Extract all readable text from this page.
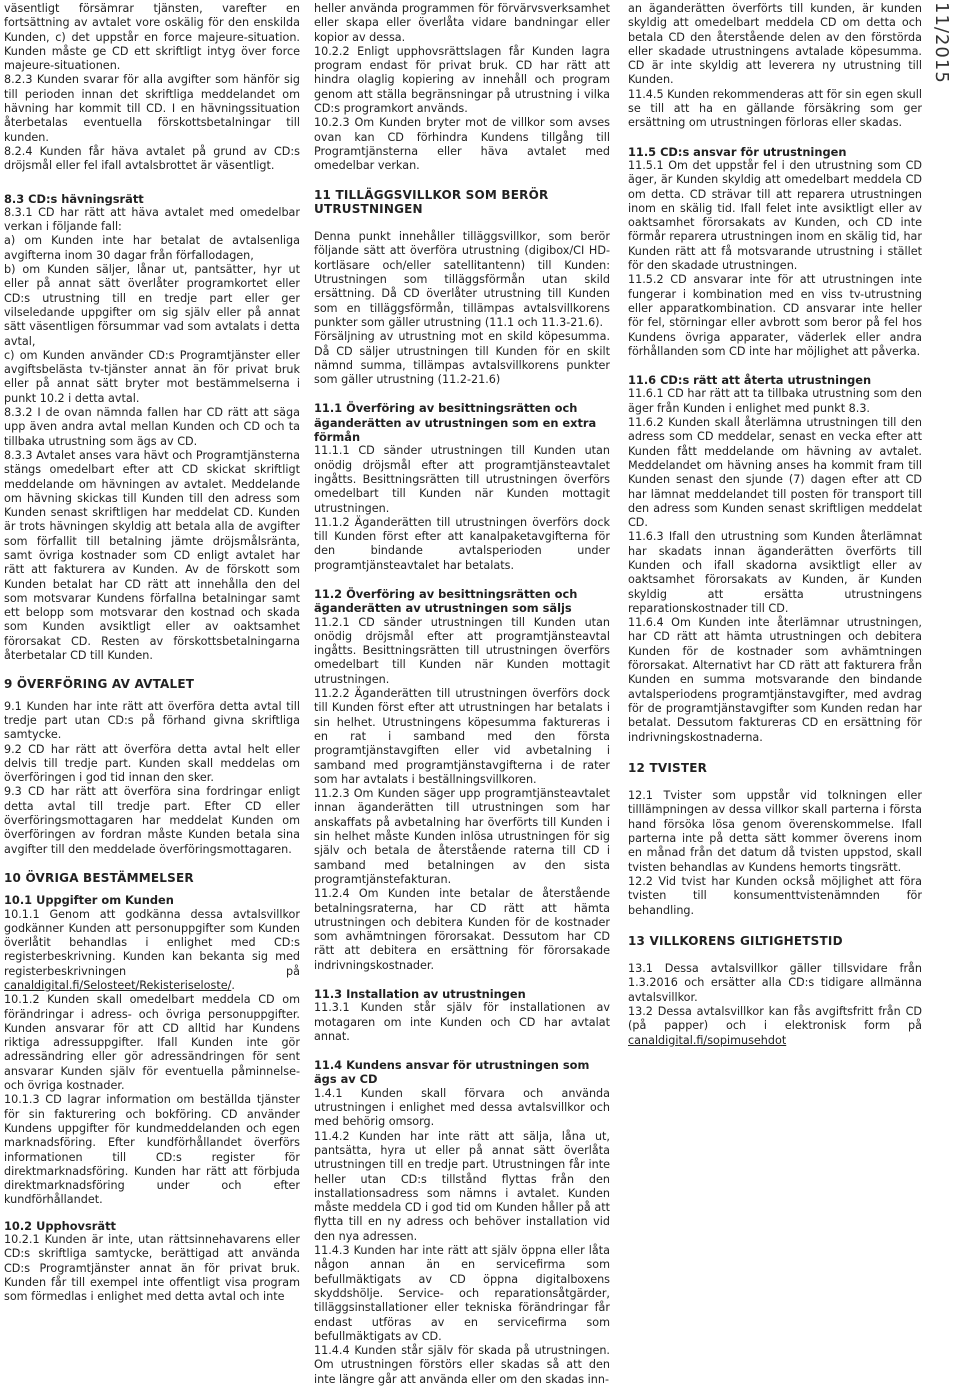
11/2015

väsentligt försämrar tjänsten, varefter en fortsättning av avtalet vore oskälig för den enskilda Kunden, c) det uppstår en force majeure-situation. Kunden måste ge CD ett skriftligt intyg över force majeure-situationen.

8.2.3 Kunden svarar för alla avgifter som hänför sig till perioden innan det skriftliga meddelandet om hävning har kommit till CD. I en hävningssituation återbetalas eventuella förskottsbetalningar till kunden.

8.2.4 Kunden får häva avtalet på grund av CD:s dröjsmål eller fel ifall avtalsbrottet är väsentligt.

8.3 CD:s hävningsrätt

8.3.1 CD har rätt att häva avtalet med omedelbar verkan i följande fall:

a) om Kunden inte har betalat de avtalsenliga avgifterna inom 30 dagar från förfallodagen,

b) om Kunden säljer, lånar ut, pantsätter, hyr ut eller på annat sätt överlåter programkortet eller CD:s utrustning till en tredje part eller ger vilseledande uppgifter om sig själv eller på annat sätt väsentligen försummar vad som avtalats i detta avtal,

c) om Kunden använder CD:s Programtjänster eller avgiftsbelästa tv-tjänster annat än för privat bruk eller på annat sätt bryter mot bestämmelserna i punkt 10.2 i detta avtal.

8.3.2 I de ovan nämnda fallen har CD rätt att säga upp även andra avtal mellan Kunden och CD och ta tillbaka utrustning som ägs av CD.

8.3.3 Avtalet anses vara hävt och Programtjänsterna stängs omedelbart efter att CD skickat skriftligt meddelande om hävningen av avtalet. Meddelande om hävning skickas till Kunden till den adress som Kunden senast skriftligen har meddelat CD. Kunden är trots hävningen skyldig att betala alla de avgifter som förfallit till betalning jämte dröjsmålsränta, samt övriga kostnader som CD enligt avtalet har rätt att fakturera av Kunden. Av de förskott som Kunden betalat har CD rätt att innehålla den del som motsvarar Kundens förfallna betalningar samt ett belopp som motsvarar den kostnad och skada som Kunden avsiktligt eller av oaktsamhet förorsakat CD. Resten av förskottsbetalningarna återbetalar CD till Kunden.

9 ÖVERFÖRING AV AVTALET

9.1 Kunden har inte rätt att överföra detta avtal till tredje part utan CD:s på förhand givna skriftliga samtycke.

9.2 CD har rätt att överföra detta avtal helt eller delvis till tredje part. Kunden skall meddelas om överföringen i god tid innan den sker.

9.3 CD har rätt att överföra sina fordringar enligt detta avtal till tredje part. Efter CD eller överföringsmottagaren har meddelat Kunden om överföringen av fordran måste Kunden betala sina avgifter till den meddelade överföringsmottagaren.

10 ÖVRIGA BESTÄMMELSER
10.1 Uppgifter om Kunden

10.1.1 Genom att godkänna dessa avtalsvillkor godkänner Kunden att personuppgifter som Kunden överlåtit behandlas i enlighet med CD:s registerbeskrivning. Kunden kan bekanta sig med registerbeskrivningen på canaldigital.fi/Selosteet/Rekisteriseloste/.

10.1.2 Kunden skall omedelbart meddela CD om förändringar i adress- och övriga personuppgifter. Kunden ansvarar för att CD alltid har Kundens riktiga adressuppgifter. Ifall Kunden inte gör adressändring eller gör adressändringen för sent ansvarar Kunden själv för eventuella påminnelse- och övriga kostnader.

10.1.3 CD lagrar information om beställda tjänster för sin fakturering och bokföring. CD använder Kundens uppgifter för kundmeddelanden och egen marknadsföring. Efter kundförhållandet överförs informationen till CD:s register för direktmarknadsföring. Kunden har rätt att förbjuda direktmarknadsföring under och efter kundförhållandet.

10.2 Upphovsrätt

10.2.1 Kunden är inte, utan rättsinnehavarens eller CD:s skriftliga samtycke, berättigad att använda CD:s Programtjänster annat än för privat bruk. Kunden får till exempel inte offentligt visa program som förmedlas i enlighet med detta avtal och inte

heller använda programmen för förvärvsverksamhet eller skapa eller överlåta vidare bandningar eller kopior av dessa.

10.2.2 Enligt upphovsrättslagen får Kunden lagra program endast för privat bruk. CD har rätt att hindra olaglig kopiering av innehåll och program genom att ställa begränsningar på utrustning i vilka CD:s programkort används.

10.2.3 Om Kunden bryter mot de villkor som avses ovan kan CD förhindra Kundens tillgång till Programtjänsterna eller häva avtalet med omedelbar verkan.

11 TILLÄGGSVILLKOR SOM BERÖR UTRUSTNINGEN

Denna punkt innehåller tilläggsvillkor, som berör följande sätt att överföra utrustning (digibox/CI HD-kortläsare och/eller satellitantenn) till Kunden: Utrustningen som tilläggsförmån utan skild ersättning. Då CD överlåter utrustning till Kunden som en tilläggsförmån, tillämpas avtalsvillkorens punkter som gäller utrustning (11.1 och 11.3-21.6).

Försäljning av utrustning mot en skild köpesumma. Då CD säljer utrustningen till Kunden för en skilt nämnd summa, tillämpas avtalsvillkorens punkter som gäller utrustning (11.2-21.6)

11.1 Överföring av besittningsrätten och äganderätten av utrustningen som en extra förmån

11.1.1 CD sänder utrustningen till Kunden utan onödig dröjsmål efter att programtjänsteavtalet ingåtts. Besittningsrätten till utrustningen överförs omedelbart till Kunden när Kunden mottagit utrustningen.

11.1.2 Äganderätten till utrustningen överförs dock till Kunden först efter att kanalpaketavgifterna för den bindande avtalsperioden under programtjänsteavtalet har betalats.

11.2 Överföring av besittningsrätten och äganderätten av utrustningen som säljs

11.2.1 CD sänder utrustningen till Kunden utan onödig dröjsmål efter att programtjänsteavtal ingåtts. Besittningsrätten till utrustningen överförs omedelbart till Kunden när Kunden mottagit utrustningen.

11.2.2 Äganderätten till utrustningen överförs dock till Kunden först efter att utrustningen har betalats i sin helhet. Utrustningens köpesumma faktureras i en rat i samband med den första programtjänstavgiften eller vid avbetalning i samband med programtjänstavgifterna i de rater som har avtalats i beställningsvillkoren.

11.2.3 Om Kunden säger upp programtjänsteavtalet innan äganderätten till utrustningen som har anskaffats på avbetalning har överförts till Kunden i sin helhet måste Kunden inlösa utrustningen för sig själv och betala de återstående raterna till CD i samband med betalningen av den sista programtjänstefakturan.

11.2.4 Om Kunden inte betalar de återstående betalningsraterna, har CD rätt att hämta utrustningen och debitera Kunden för de kostnader som avhämtningen förorsakat. Dessutom har CD rätt att debitera en ersättning för förorsakade indrivningskostnader.

11.3 Installation av utrustningen

11.3.1 Kunden står själv för installationen av motagaren om inte Kunden och CD har avtalat annat.

11.4 Kundens ansvar för utrustningen som ägs av CD

1.4.1 Kunden skall förvara och använda utrustningen i enlighet med dessa avtalsvillkor och med behörig omsorg.

11.4.2 Kunden har inte rätt att sälja, låna ut, pantsätta, hyra ut eller på annat sätt överlåta utrustningen till en tredje part. Utrustningen får inte heller utan CD:s tillstånd flyttas från den installationsadress som nämns i avtalet. Kunden måste meddela CD i god tid om Kunden håller på att flytta till en ny adress och behöver installation vid den nya adressen.

11.4.3 Kunden har inte rätt att själv öppna eller låta någon annan än en servicefirma som befullmäktigats av CD öppna digitalboxens skyddshölje. Service- och reparationsåtgärder, tilläggsinstallationer eller tekniska förändringar får endast utföras av en servicefirma som befullmäktigats av CD.

11.4.4 Kunden står själv för skada på utrustningen. Om utrustningen förstörs eller skadas så att den inte längre går att använda eller om den skadas inn-

an äganderätten överförts till kunden, är kunden skyldig att omedelbart meddela CD om detta och betala CD den återstående delen av den förstörda eller skadade utrustningens avtalade köpesumma. CD är inte skyldig att leverera ny utrustning till Kunden.

11.4.5 Kunden rekommenderas att för sin egen skull se till att ha en gällande försäkring som ger ersättning om utrustningen förloras eller skadas.

11.5 CD:s ansvar för utrustningen

11.5.1 Om det uppstår fel i den utrustning som CD äger, är Kunden skyldig att omedelbart meddela CD om detta. CD strävar till att reparera utrustningen inom en skälig tid. Ifall felet inte avsiktligt eller av oaktsamhet förorsakats av Kunden, och CD inte förmår reparera utrustningen inom en skälig tid, har Kunden rätt att få motsvarande utrustning i stället för den skadade utrustningen.

11.5.2 CD ansvarar inte för att utrustningen inte fungerar i kombination med en viss tv-utrustning eller apparatkombination. CD ansvarar inte heller för fel, störningar eller avbrott som beror på fel hos Kundens övriga apparater, väderlek eller andra förhållanden som CD inte har möjlighet att påverka.

11.6 CD:s rätt att återta utrustningen

11.6.1 CD har rätt att ta tillbaka utrustning som den äger från Kunden i enlighet med punkt 8.3.

11.6.2 Kunden skall återlämna utrustningen till den adress som CD meddelar, senast en vecka efter att Kunden fått meddelande om hävning av avtalet. Meddelandet om hävning anses ha kommit fram till Kunden senast den sjunde (7) dagen efter att CD har lämnat meddelandet till posten för transport till den adress som Kunden senast skriftligen meddelat CD.

11.6.3 Ifall den utrustning som Kunden återlämnat har skadats innan äganderätten överförts till Kunden och ifall skadorna avsiktligt eller av oaktsamhet förorsakats av Kunden, är Kunden skyldig att ersätta utrustningens reparationskostnader till CD.

11.6.4 Om Kunden inte återlämnar utrustningen, har CD rätt att hämta utrustningen och debitera Kunden för de kostnader som avhämtningen förorsakat. Alternativt har CD rätt att fakturera från Kunden en summa motsvarande den bindande avtalsperiodens programtjänstavgifter, med avdrag för de programtjänstavgifter som Kunden redan har betalat. Dessutom faktureras CD en ersättning för indrivningskostnaderna.

12 TVISTER

12.1 Tvister som uppstår vid tolkningen eller tilllämpningen av dessa villkor skall parterna i första hand försöka lösa genom överenskommelse. Ifall parterna inte på detta sätt kommer överens inom en månad från det datum då tvisten uppstod, skall tvisten behandlas av Kundens hemorts tingsrätt.

12.2 Vid tvist har Kunden också möjlighet att föra tvisten till konsumenttvistenämnden för behandling.

13 VILLKORENS GILTIGHETSTID

13.1 Dessa avtalsvillkor gäller tillsvidare från 1.3.2016 och ersätter alla CD:s tidigare allmänna avtalsvillkor.

13.2 Dessa avtalsvillkor kan fås avgiftsfritt från CD (på papper) och i elektronisk form på canaldigital.fi/sopimusehdot
